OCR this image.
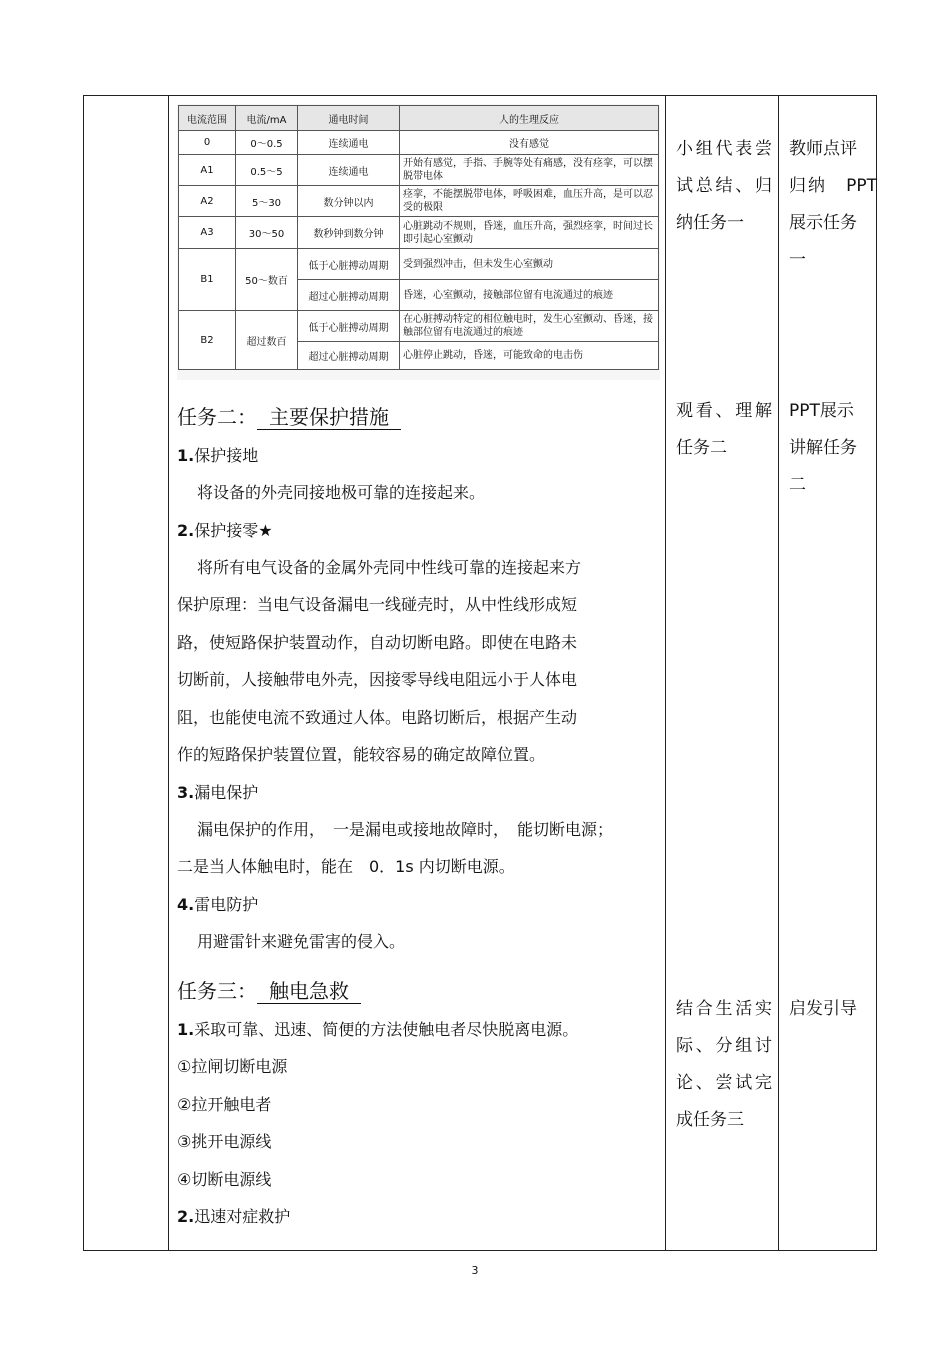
电流范围	电流/mA	通电时间	人的生理反应
0	0～0.5	连续通电	没有感觉
A1	0.5～5	连续通电	开始有感觉，手指、手腕等处有痛感，没有痉挛，可以摆脱带电体
A2	5～30	数分钟以内	痉挛，不能摆脱带电体，呼吸困难，血压升高，是可以忍受的极限
A3	30～50	数秒钟到数分钟	心脏跳动不规则，昏迷，血压升高，强烈痉挛，时间过长即引起心室颤动
B1	50～数百	低于心脏搏动周期	受到强烈冲击，但未发生心室颤动
		超过心脏搏动周期	昏迷，心室颤动，接触部位留有电流通过的痕迹
B2	超过数百	低于心脏搏动周期	在心脏搏动特定的相位触电时，发生心室颤动、昏迷，接触部位留有电流通过的痕迹
		超过心脏搏动周期	心脏停止跳动，昏迷，可能致命的电击伤
任务二： 主要保护措施
1.保护接地
将设备的外壳同接地极可靠的连接起来。
2.保护接零★
将所有电气设备的金属外壳同中性线可靠的连接起来方
保护原理：当电气设备漏电一线碰壳时，从中性线形成短
路，使短路保护装置动作，自动切断电路。即使在电路未
切断前，人接触带电外壳，因接零导线电阻远小于人体电
阻，也能使电流不致通过人体。电路切断后，根据产生动
作的短路保护装置位置，能较容易的确定故障位置。
3.漏电保护
漏电保护的作用，　一是漏电或接地故障时，　能切断电源；
二是当人体触电时，能在　0．1s 内切断电源。
4.雷电防护
用避雷针来避免雷害的侵入。
任务三： 触电急救
1.采取可靠、迅速、简便的方法使触电者尽快脱离电源。
①拉闸切断电源
②拉开触电者
③挑开电源线
④切断电源线
2.迅速对症救护
小组代表尝
试总结、归
纳任务一
观看、理解
任务二
结合生活实
际、分组讨
论、尝试完
成任务三
教师点评
归纳　PPT
展示任务
一
PPT展示
讲解任务
二
启发引导
3
